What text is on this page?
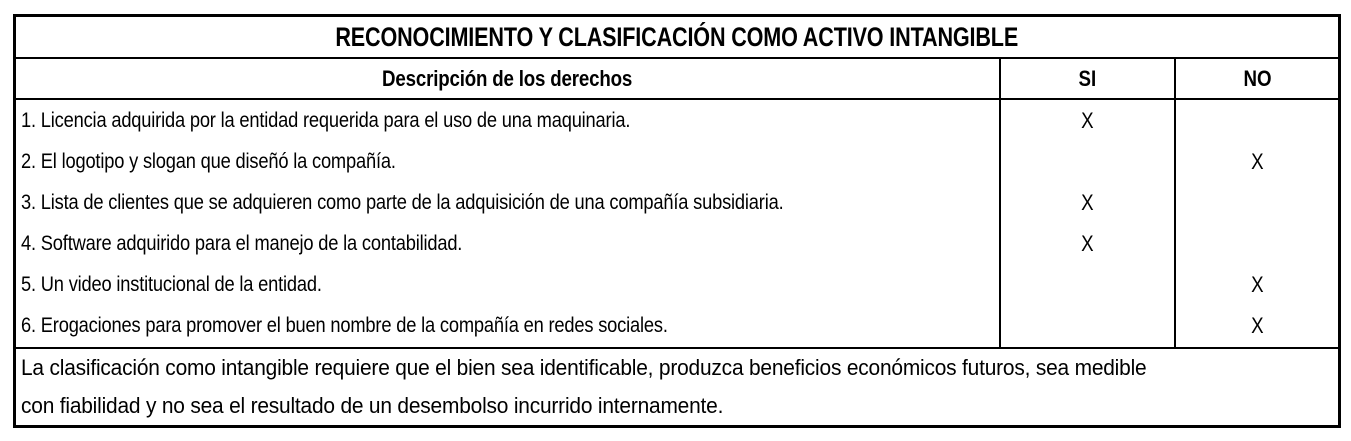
RECONOCIMIENTO Y CLASIFICACIÓN COMO ACTIVO INTANGIBLE
Descripción de los derechos	SI	NO
1. Licencia adquirida por la entidad requerida para el uso de una maquinaria.
2. El logotipo y slogan que diseñó la compañía.
3. Lista de clientes que se adquieren como parte de la adquisición de una compañía subsidiaria.
4. Software adquirido para el manejo de la contabilidad.
5. Un video institucional de la entidad.
6. Erogaciones para promover el buen nombre de la compañía en redes sociales.
X
X
X
X
X
X
La clasificación como intangible requiere que el bien sea identificable, produzca beneficios económicos futuros, sea medible
con fiabilidad y no sea el resultado de un desembolso incurrido internamente.
